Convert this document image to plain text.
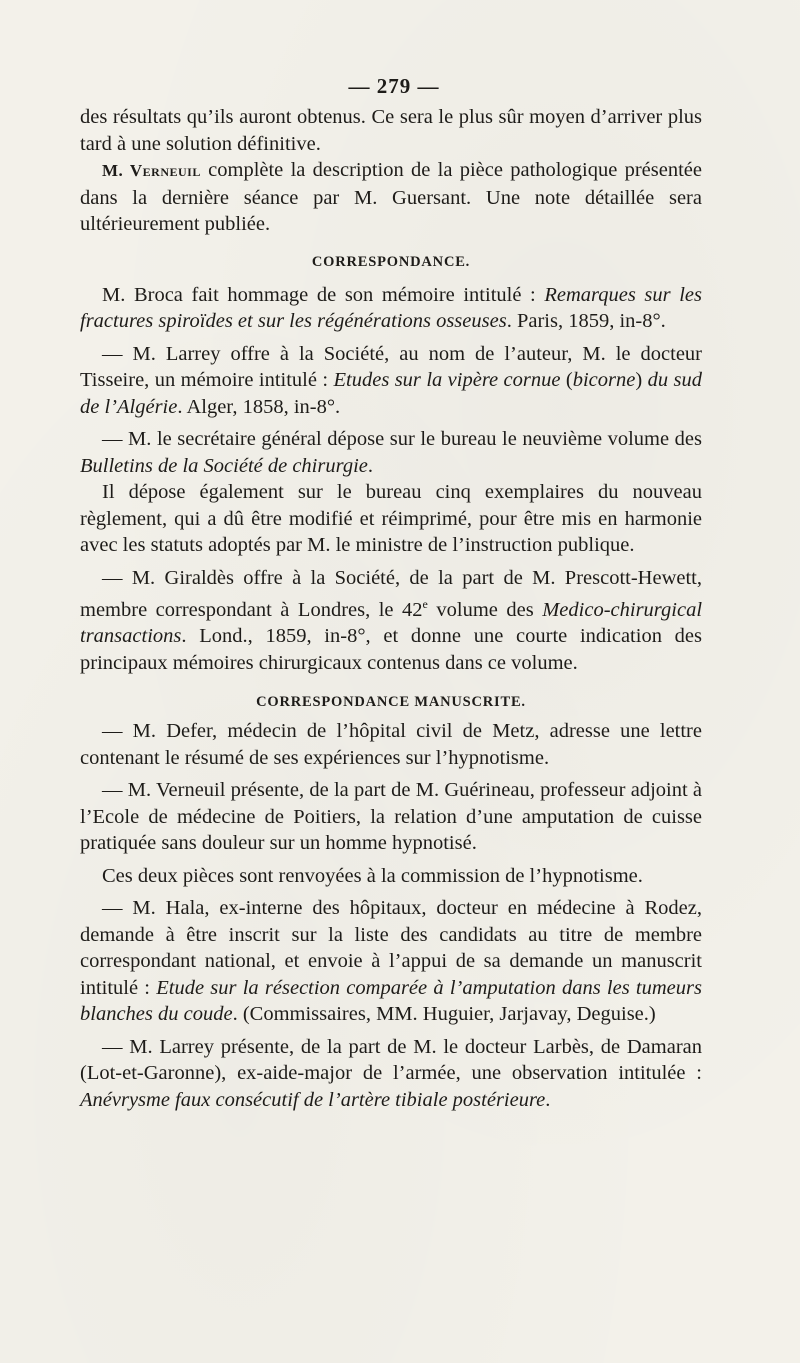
— 279 —

des résultats qu’ils auront obtenus. Ce sera le plus sûr moyen d’arriver plus tard à une solution définitive.

M. Verneuil complète la description de la pièce pathologique présentée dans la dernière séance par M. Guersant. Une note détaillée sera ultérieurement publiée.

CORRESPONDANCE.

M. Broca fait hommage de son mémoire intitulé : Remarques sur les fractures spiroïdes et sur les régénérations osseuses. Paris, 1859, in-8°.

— M. Larrey offre à la Société, au nom de l’auteur, M. le docteur Tisseire, un mémoire intitulé : Etudes sur la vipère cornue (bicorne) du sud de l’Algérie. Alger, 1858, in-8°.

— M. le secrétaire général dépose sur le bureau le neuvième volume des Bulletins de la Société de chirurgie.

Il dépose également sur le bureau cinq exemplaires du nouveau règlement, qui a dû être modifié et réimprimé, pour être mis en harmonie avec les statuts adoptés par M. le ministre de l’instruction publique.

— M. Giraldès offre à la Société, de la part de M. Prescott-Hewett, membre correspondant à Londres, le 42e volume des Medico-chirurgical transactions. Lond., 1859, in-8°, et donne une courte indication des principaux mémoires chirurgicaux contenus dans ce volume.

CORRESPONDANCE MANUSCRITE.

— M. Defer, médecin de l’hôpital civil de Metz, adresse une lettre contenant le résumé de ses expériences sur l’hypnotisme.

— M. Verneuil présente, de la part de M. Guérineau, professeur adjoint à l’Ecole de médecine de Poitiers, la relation d’une amputation de cuisse pratiquée sans douleur sur un homme hypnotisé.

Ces deux pièces sont renvoyées à la commission de l’hypnotisme.

— M. Hala, ex-interne des hôpitaux, docteur en médecine à Rodez, demande à être inscrit sur la liste des candidats au titre de membre correspondant national, et envoie à l’appui de sa demande un manuscrit intitulé : Etude sur la résection comparée à l’amputation dans les tumeurs blanches du coude. (Commissaires, MM. Huguier, Jarjavay, Deguise.)

— M. Larrey présente, de la part de M. le docteur Larbès, de Damaran (Lot-et-Garonne), ex-aide-major de l’armée, une observation intitulée : Anévrysme faux consécutif de l’artère tibiale postérieure.
